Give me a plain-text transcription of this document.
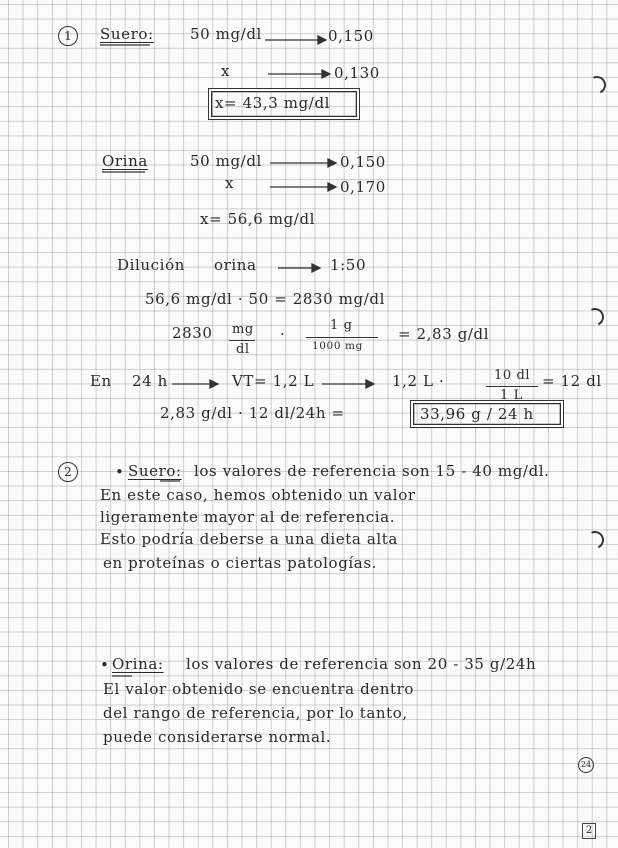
1	Suero: 50 mg/dl	0,150
x	0,130
x= 43,3 mg/dl
Orina	50 mg/dl	0,150
x	0,170
x= 56,6 mg/dl
Dilución orina	1:50
56,6 mg/dl · 50 = 2830 mg/dl
2830 mg
dl
·	1 g
1000 mg
= 2,83 g/dl
En 24 h	VT= 1,2 L	1,2 L ·	10 dl
1 L
= 12 dl
2,83 g/dl · 12 dl/24h =	33,96 g / 24 h
2	• Suero: los valores de referencia son 15 - 40 mg/dl.
En este caso, hemos obtenido un valor
ligeramente mayor al de referencia.
Esto podría deberse a una dieta alta
en proteínas o ciertas patologías.
• Orina: los valores de referencia son 20 - 35 g/24h
El valor obtenido se encuentra dentro
del rango de referencia, por lo tanto,
puede considerarse normal.
24
2
